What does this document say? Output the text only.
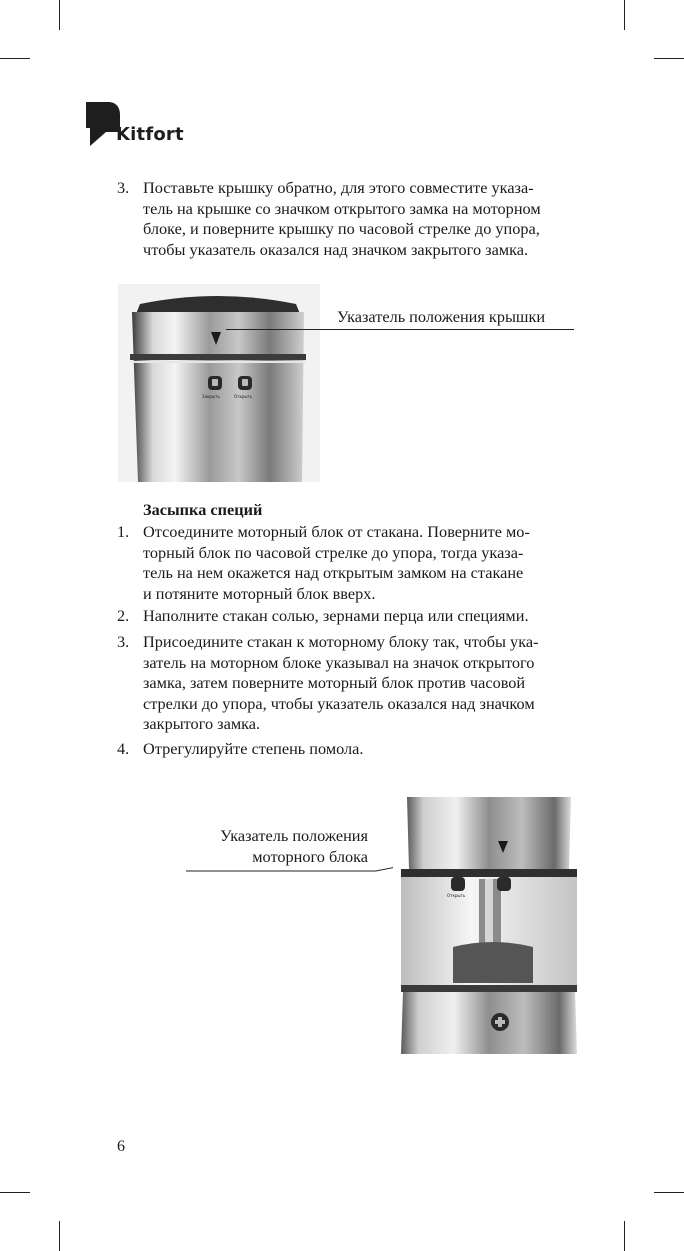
Kitfort
3. Поставьте крышку обратно, для этого совместите указа-
тель на крышке со значком открытого замка на моторном
блоке, и поверните крышку по часовой стрелке до упора,
чтобы указатель оказался над значком закрытого замка.
Закрыть	Открыть
Указатель положения крышки
Засыпка специй
1. Отсоедините моторный блок от стакана. Поверните мо-
торный блок по часовой стрелке до упора, тогда указа-
тель на нем окажется над открытым замком на стакане
и потяните моторный блок вверх.
2. Наполните стакан солью, зернами перца или специями.
3. Присоедините стакан к моторному блоку так, чтобы ука-
затель на моторном блоке указывал на значок открытого
замка, затем поверните моторный блок против часовой
стрелки до упора, чтобы указатель оказался над значком
закрытого замка.
4. Отрегулируйте степень помола.
Указатель положения
моторного блока
Открыть
6
